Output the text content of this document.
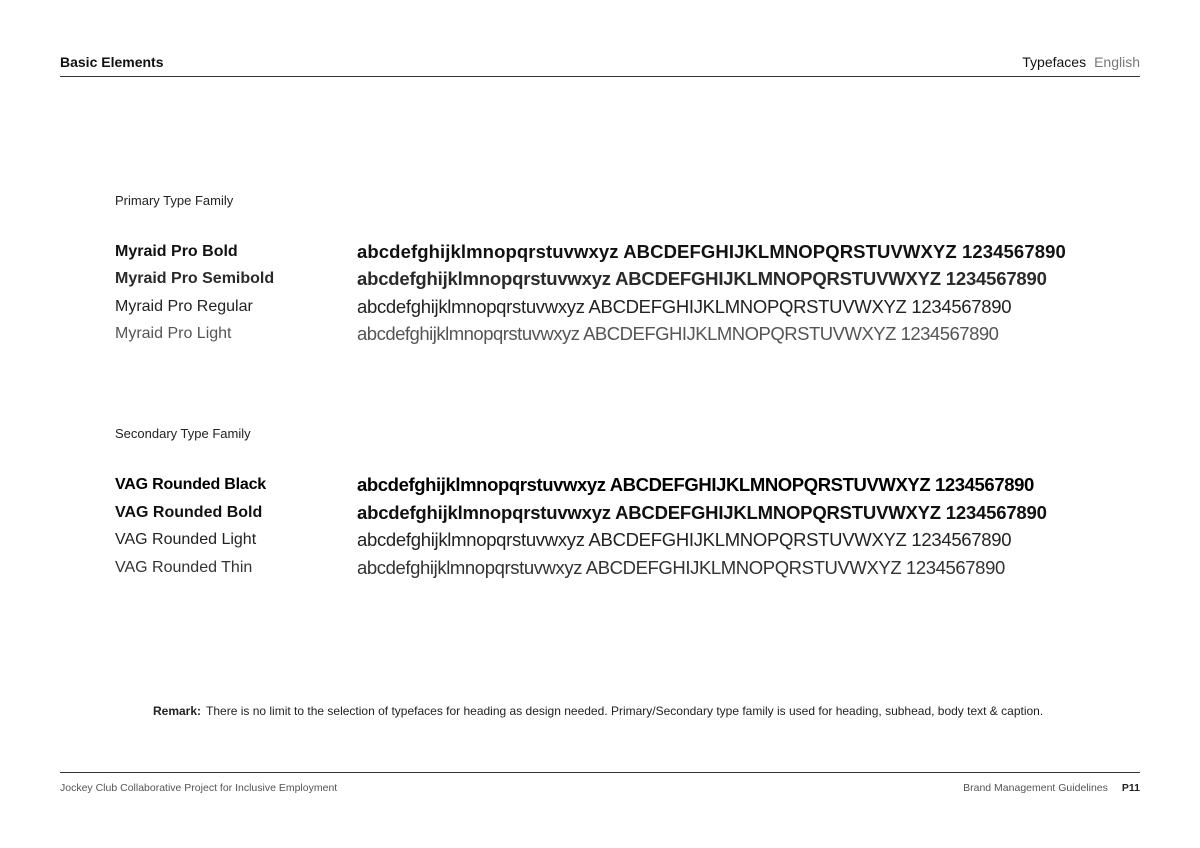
Basic Elements	Typefaces English
Primary Type Family
Myraid Pro Bold	abcdefghijklmnopqrstuvwxyz ABCDEFGHIJKLMNOPQRSTUVWXYZ 1234567890
Myraid Pro Semibold	abcdefghijklmnopqrstuvwxyz ABCDEFGHIJKLMNOPQRSTUVWXYZ 1234567890
Myraid Pro Regular	abcdefghijklmnopqrstuvwxyz ABCDEFGHIJKLMNOPQRSTUVWXYZ 1234567890
Myraid Pro Light	abcdefghijklmnopqrstuvwxyz ABCDEFGHIJKLMNOPQRSTUVWXYZ 1234567890
Secondary Type Family
VAG Rounded Black	abcdefghijklmnopqrstuvwxyz ABCDEFGHIJKLMNOPQRSTUVWXYZ 1234567890
VAG Rounded Bold	abcdefghijklmnopqrstuvwxyz ABCDEFGHIJKLMNOPQRSTUVWXYZ 1234567890
VAG Rounded Light	abcdefghijklmnopqrstuvwxyz ABCDEFGHIJKLMNOPQRSTUVWXYZ 1234567890
VAG Rounded Thin	abcdefghijklmnopqrstuvwxyz ABCDEFGHIJKLMNOPQRSTUVWXYZ 1234567890
Remark: There is no limit to the selection of typefaces for heading as design needed. Primary/Secondary type family is used for heading, subhead, body text & caption.
Jockey Club Collaborative Project for Inclusive Employment	Brand Management Guidelines P11
